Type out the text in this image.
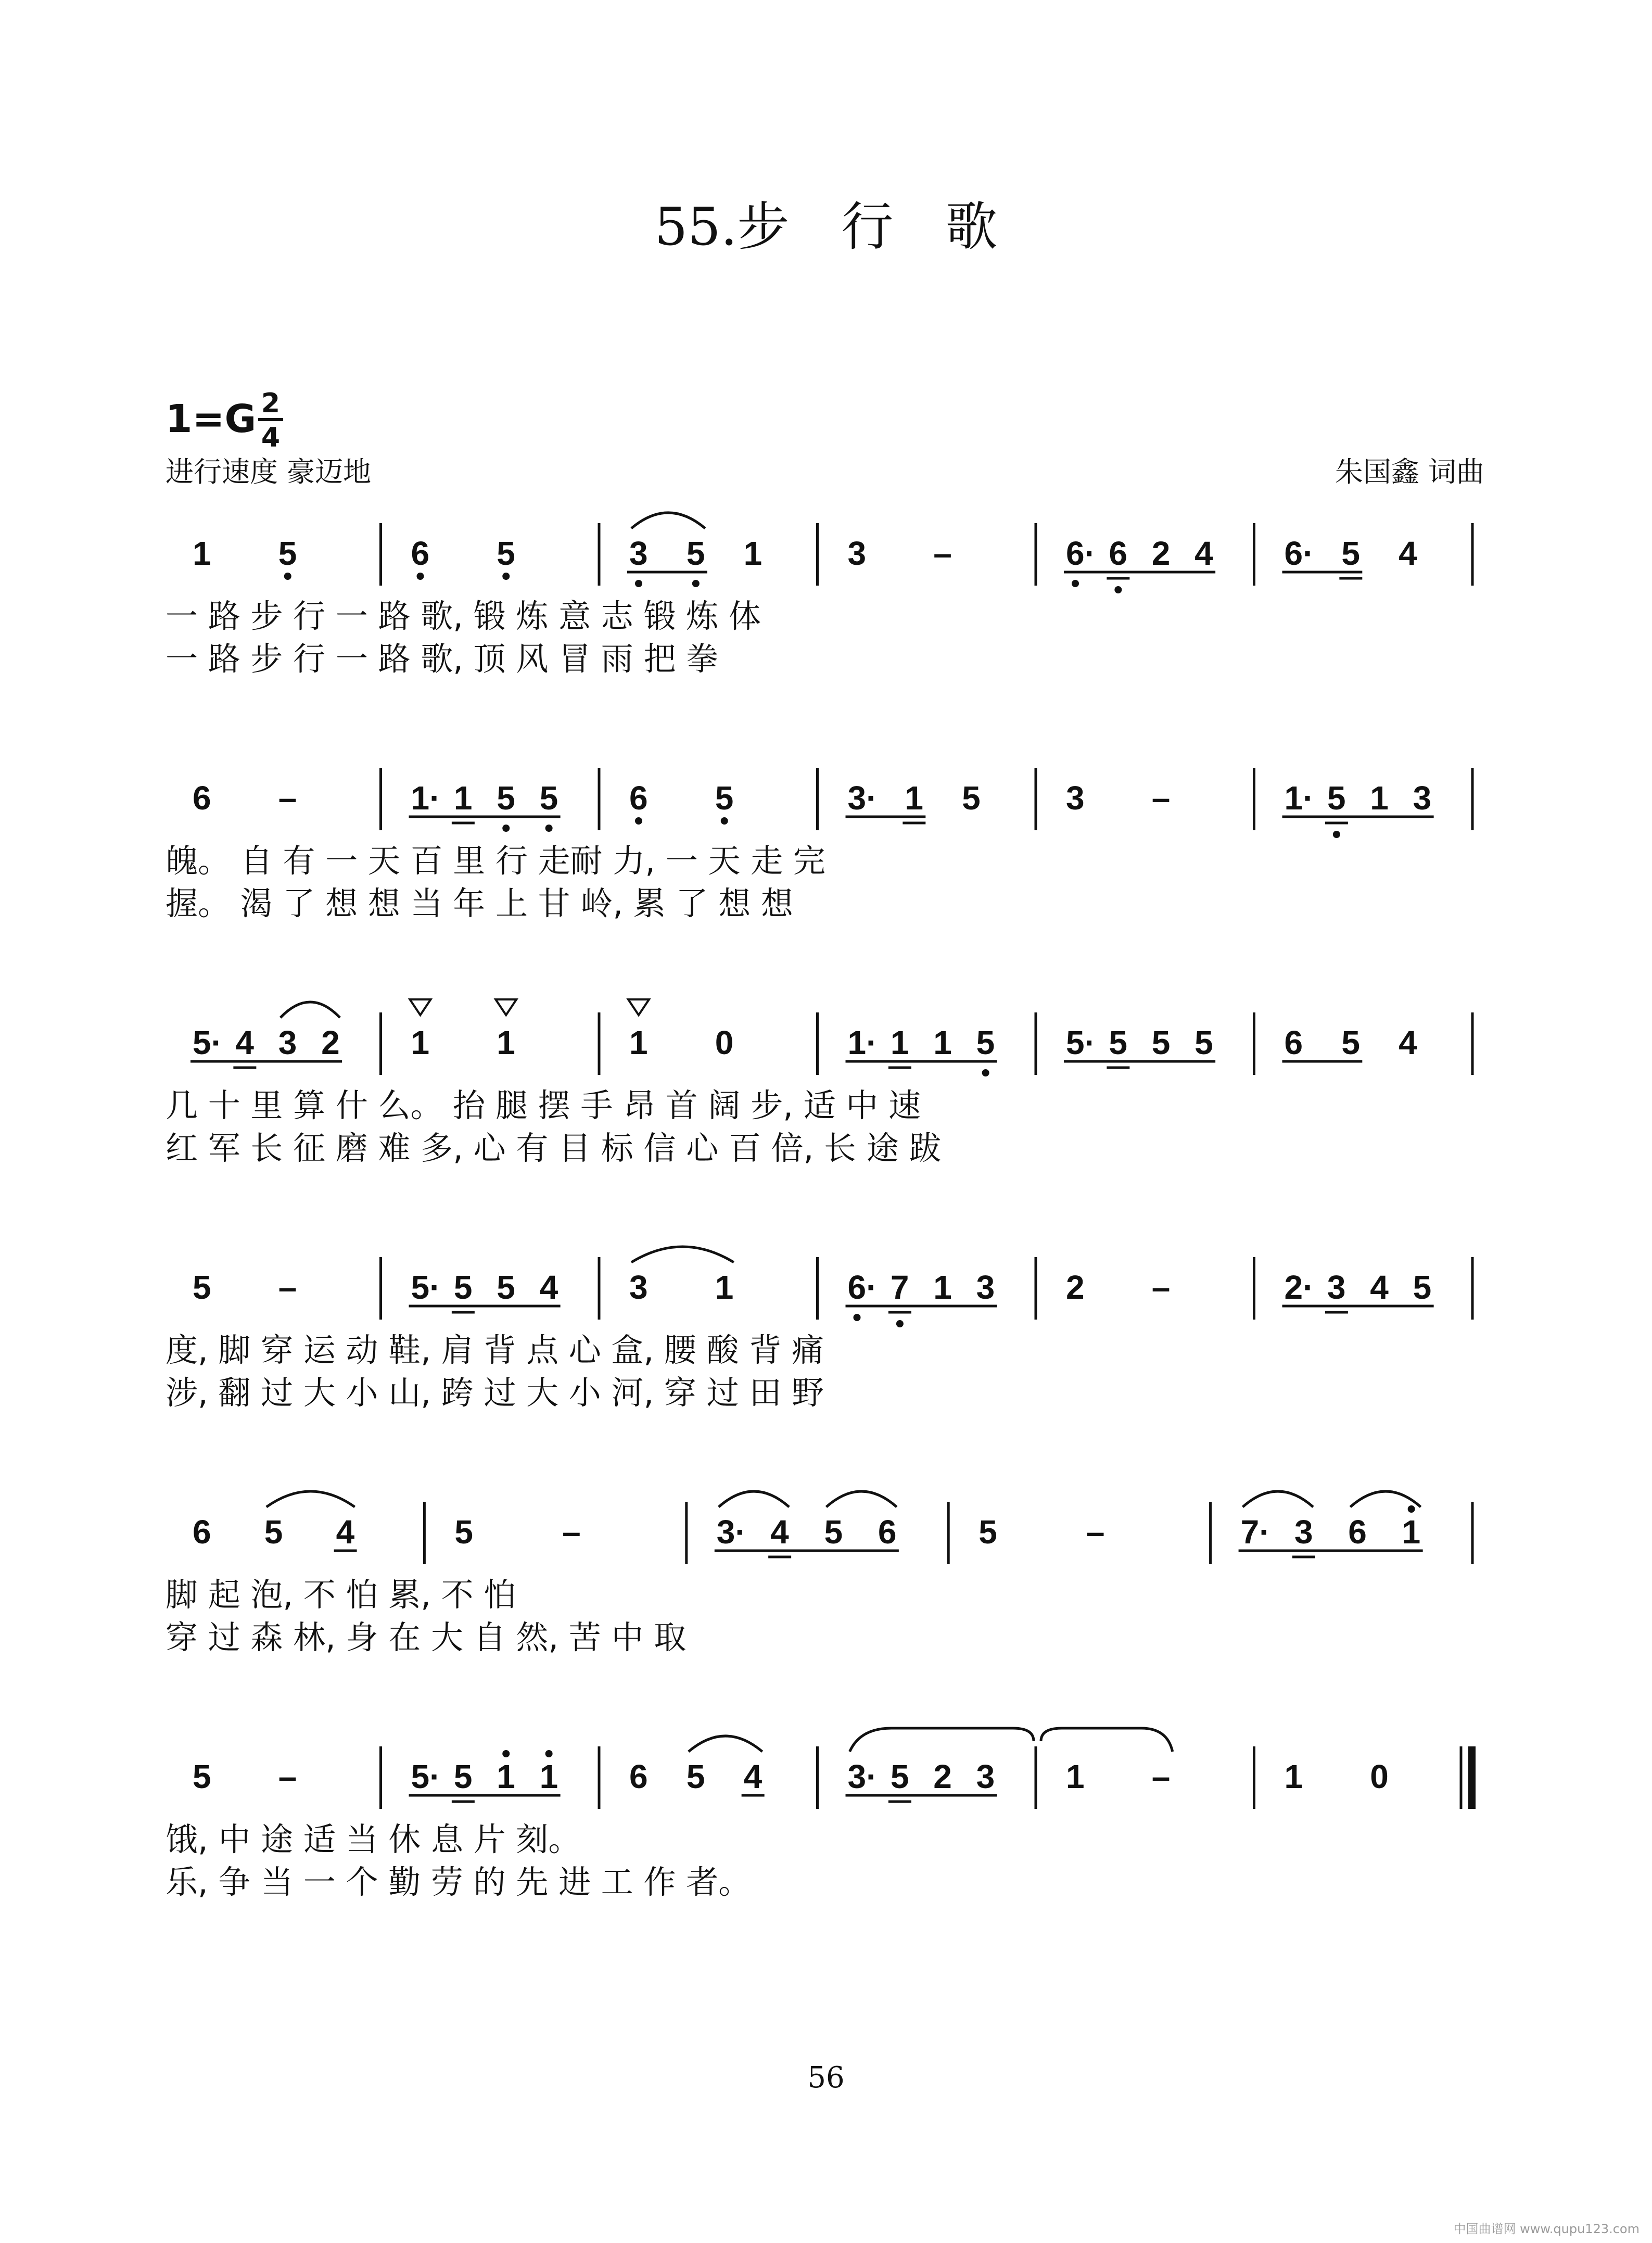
55.步　行　歌
1=G 2
4
进行速度 豪迈地	朱国鑫 词曲
1 5	6 5	3 5 1	3 –	6· 6 2 4 6· 5 4
一 路 步 行 一 路 歌, 锻 炼 意 志 锻 炼 体
一 路 步 行 一 路 歌, 顶 风 冒 雨 把 拳
6 –	1· 1 5 5 6 5	3· 1 5	3 –	1· 5 1 3
魄。 自 有 一 天 百 里 行 走耐 力, 一 天 走 完
握。 渴 了 想 想 当 年 上 甘 岭, 累 了 想 想
5· 4 3 2 1 1	1 0	1· 1 1 5 5· 5 5 5 6 5 4
几 十 里 算 什 么。 抬 腿 摆 手 昂 首 阔 步, 适 中 速
红 军 长 征 磨 难 多, 心 有 目 标 信 心 百 倍, 长 途 跋
5 –	5· 5 5 4 3 1	6· 7 1 3 2 –	2· 3 4 5
度, 脚 穿 运 动 鞋, 肩 背 点 心 盒, 腰 酸 背 痛
涉, 翻 过 大 小 山, 跨 过 大 小 河, 穿 过 田 野
6 5 4	5	–	3· 4 5 6 5	–	7· 3 6 1
脚 起 泡, 不 怕 累, 不 怕
穿 过 森 林, 身 在 大 自 然, 苦 中 取
5 –	5· 5 1 1 6 5 4	3· 5 2 3 1 –	1 0
饿, 中 途 适 当 休 息 片 刻。
乐, 争 当 一 个 勤 劳 的 先 进 工 作 者。
56
中国曲谱网 www.qupu123.com
